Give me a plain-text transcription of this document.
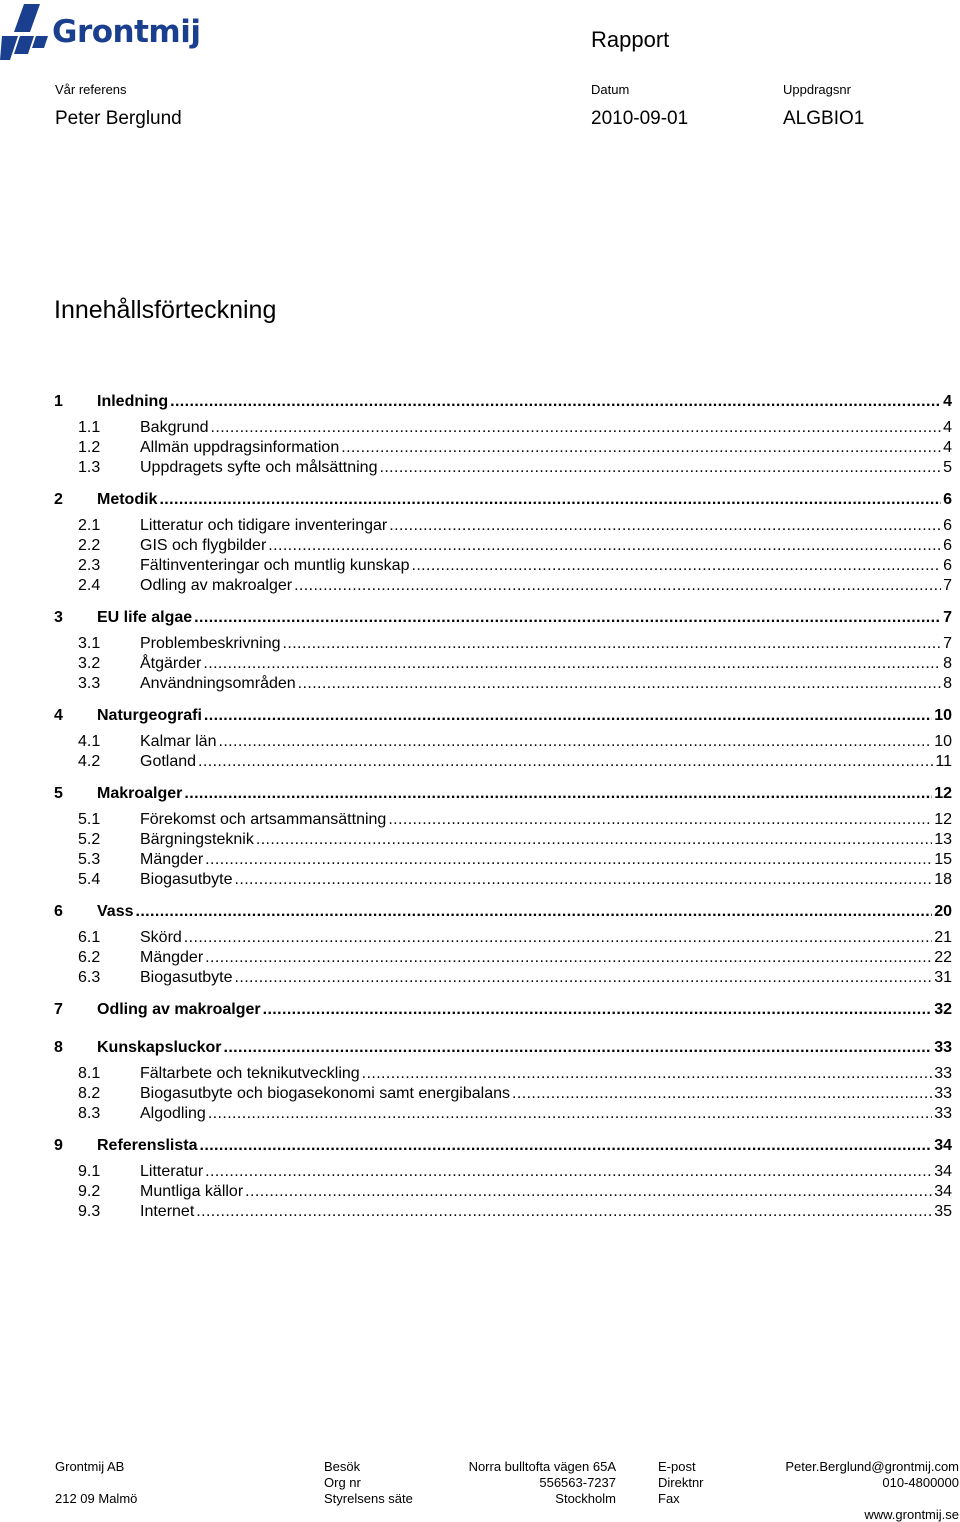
Grontmij	Rapport
Vår referens	Datum	Uppdragsnr
Peter Berglund	2010-09-01	ALGBIO1
Innehållsförteckning
1	Inledning .....	4
1.1	Bakgrund .....	4
1.2	Allmän uppdragsinformation .....	4
1.3	Uppdragets syfte och målsättning .....	5
2	Metodik .....	6
2.1	Litteratur och tidigare inventeringar .....	6
2.2	GIS och flygbilder .....	6
2.3	Fältinventeringar och muntlig kunskap .....	6
2.4	Odling av makroalger .....	7
3	EU life algae .....	7
3.1	Problembeskrivning .....	7
3.2	Åtgärder .....	8
3.3	Användningsområden .....	8
4	Naturgeografi .....	10
4.1	Kalmar län .....	10
4.2	Gotland .....	11
5	Makroalger .....	12
5.1	Förekomst och artsammansättning .....	12
5.2	Bärgningsteknik .....	13
5.3	Mängder .....	15
5.4	Biogasutbyte .....	18
6	Vass .....	20
6.1	Skörd .....	21
6.2	Mängder .....	22
6.3	Biogasutbyte .....	31
7	Odling av makroalger .....	32
8	Kunskapsluckor .....	33
8.1	Fältarbete och teknikutveckling .....	33
8.2	Biogasutbyte och biogasekonomi samt energibalans .....	33
8.3	Algodling .....	33
9	Referenslista .....	34
9.1	Litteratur .....	34
9.2	Muntliga källor .....	34
9.3	Internet .....	35
Grontmij AB
212 09 Malmö
Besök
Org nr
Styrelsens säte
Norra bulltofta vägen 65A
556563-7237
Stockholm
E-post
Direktnr
Fax
Peter.Berglund@grontmij.com
010-4800000
www.grontmij.se
